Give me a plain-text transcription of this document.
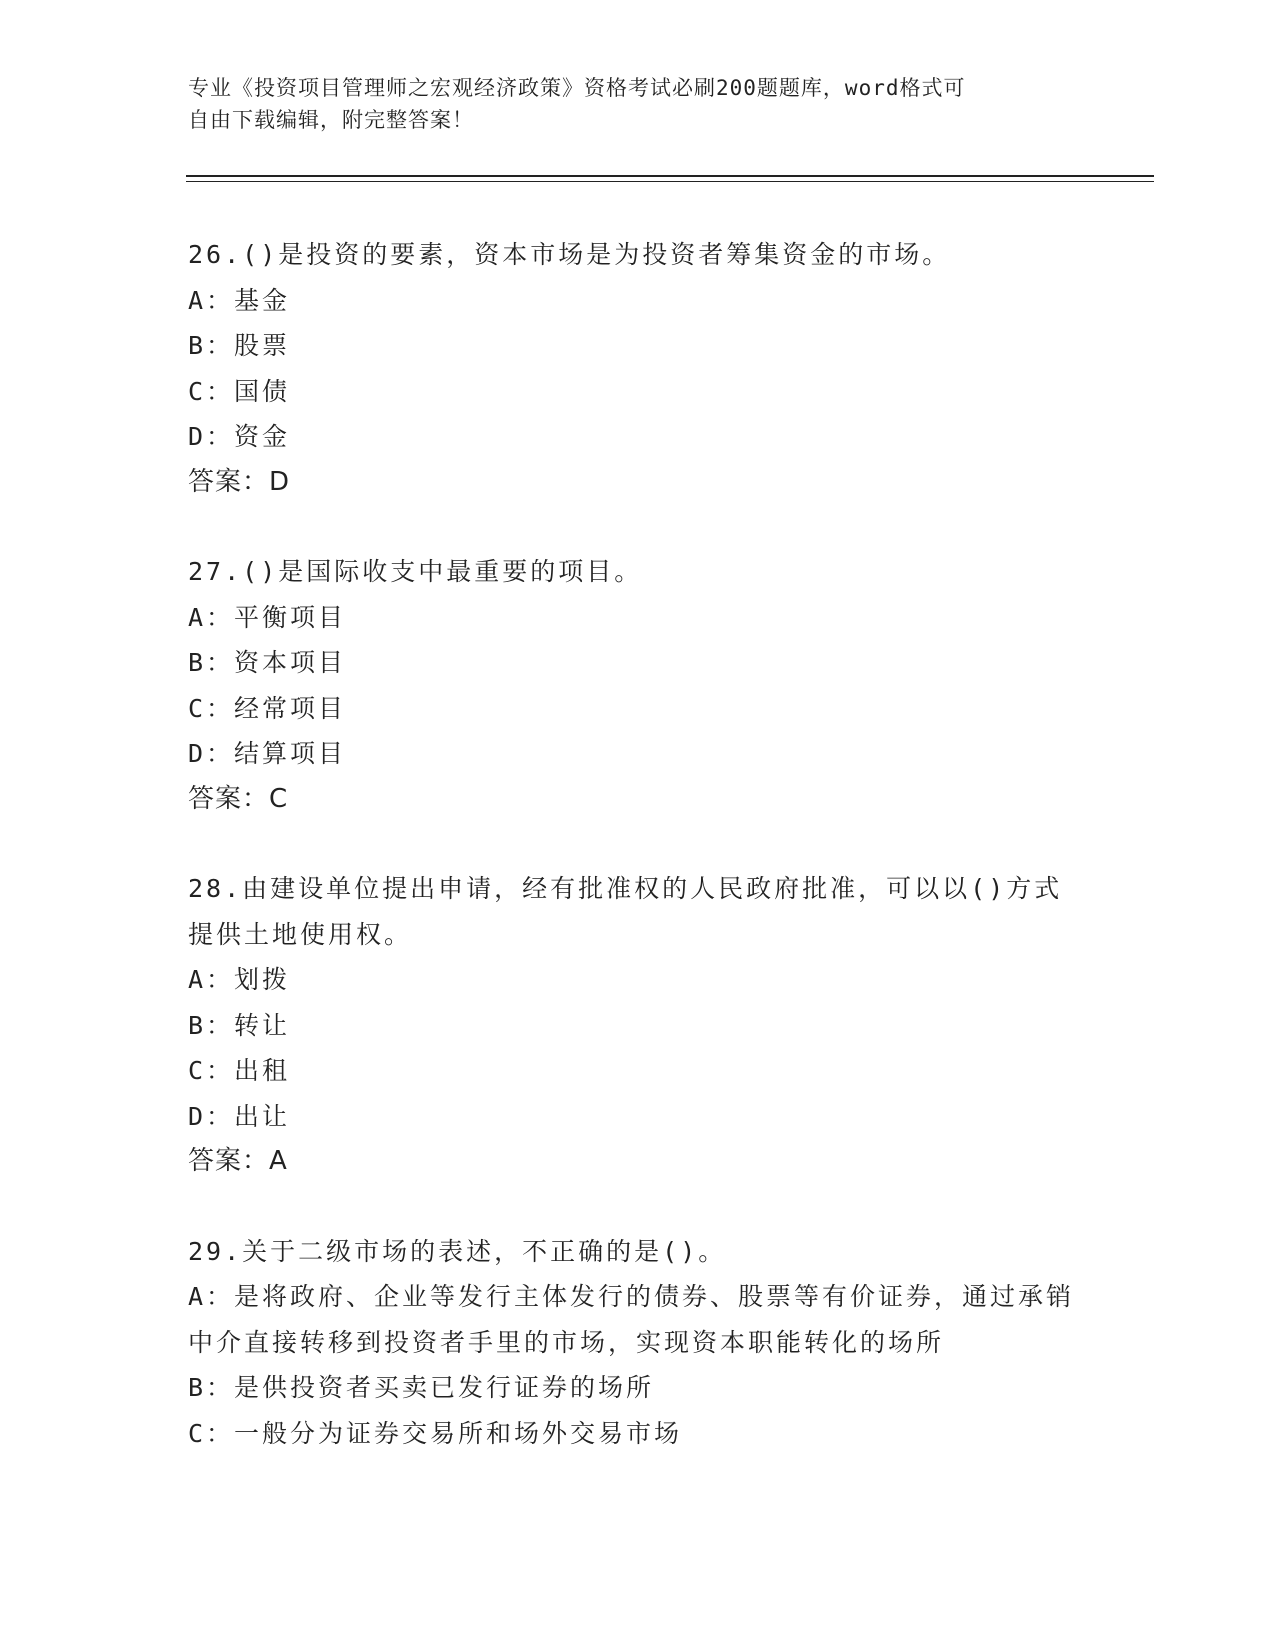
专业《投资项目管理师之宏观经济政策》资格考试必刷200题题库，word格式可
自由下载编辑，附完整答案！
26.()是投资的要素，资本市场是为投资者筹集资金的市场。
A：基金
B：股票
C：国债
D：资金
答案：D
27.()是国际收支中最重要的项目。
A：平衡项目
B：资本项目
C：经常项目
D：结算项目
答案：C
28.由建设单位提出申请，经有批准权的人民政府批准，可以以()方式提供土地使用权。
A：划拨
B：转让
C：出租
D：出让
答案：A
29.关于二级市场的表述，不正确的是()。
A：是将政府、企业等发行主体发行的债券、股票等有价证券，通过承销中介直接转移到投资者手里的市场，实现资本职能转化的场所
B：是供投资者买卖已发行证券的场所
C：一般分为证券交易所和场外交易市场
